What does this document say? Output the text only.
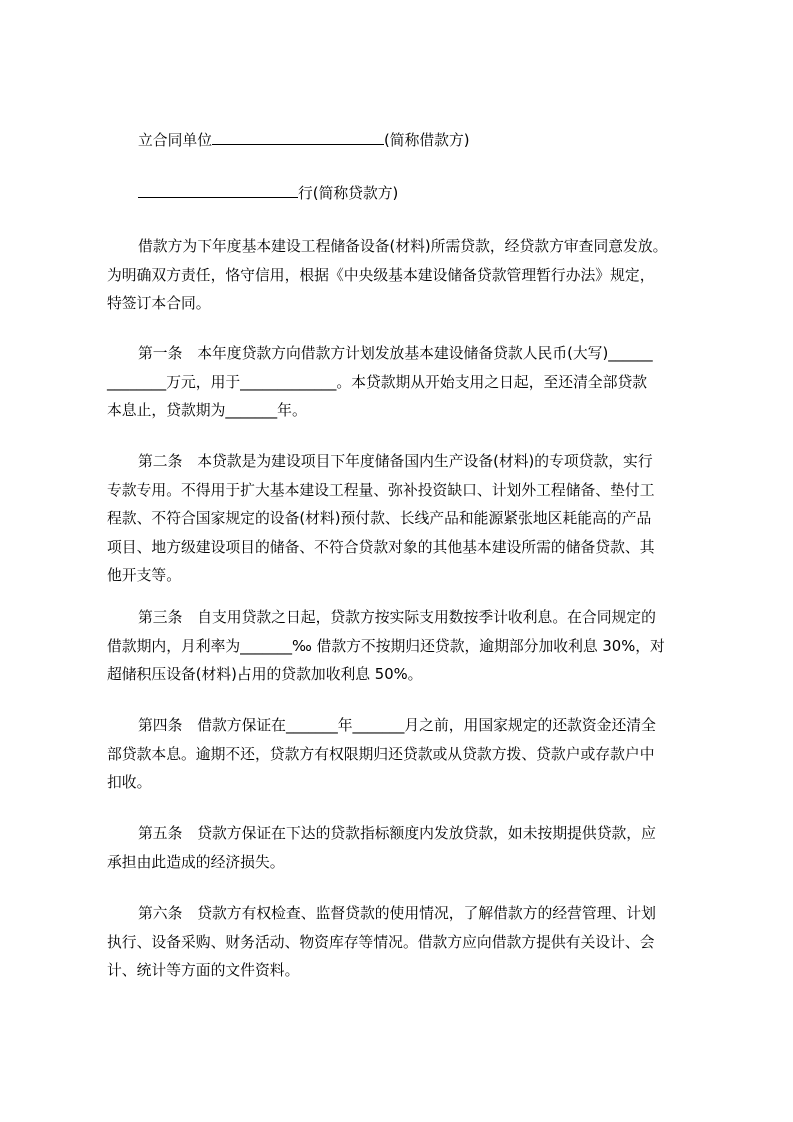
立合同单位	(简称借款方)

行(简称贷款方)

借款方为下年度基本建设工程储备设备(材料)所需贷款，经贷款方审查同意发放。
为明确双方责任，恪守信用，根据《中央级基本建设储备贷款管理暂行办法》规定，
特签订本合同。
第一条　本年度贷款方向借款方计划发放基本建设储备贷款人民币(大写)______
________万元，用于_____________。本贷款期从开始支用之日起，至还清全部贷款
本息止，贷款期为_______年。
第二条　本贷款是为建设项目下年度储备国内生产设备(材料)的专项贷款，实行
专款专用。不得用于扩大基本建设工程量、弥补投资缺口、计划外工程储备、垫付工
程款、不符合国家规定的设备(材料)预付款、长线产品和能源紧张地区耗能高的产品
项目、地方级建设项目的储备、不符合贷款对象的其他基本建设所需的储备贷款、其
他开支等。
第三条　自支用贷款之日起，贷款方按实际支用数按季计收利息。在合同规定的
借款期内，月利率为_______‰ 借款方不按期归还贷款，逾期部分加收利息 30%，对
超储积压设备(材料)占用的贷款加收利息 50%。
第四条　借款方保证在_______年_______月之前，用国家规定的还款资金还清全
部贷款本息。逾期不还，贷款方有权限期归还贷款或从贷款方拨、贷款户或存款户中
扣收。
第五条　贷款方保证在下达的贷款指标额度内发放贷款，如未按期提供贷款，应
承担由此造成的经济损失。
第六条　贷款方有权检查、监督贷款的使用情况，了解借款方的经营管理、计划
执行、设备采购、财务活动、物资库存等情况。借款方应向借款方提供有关设计、会
计、统计等方面的文件资料。
